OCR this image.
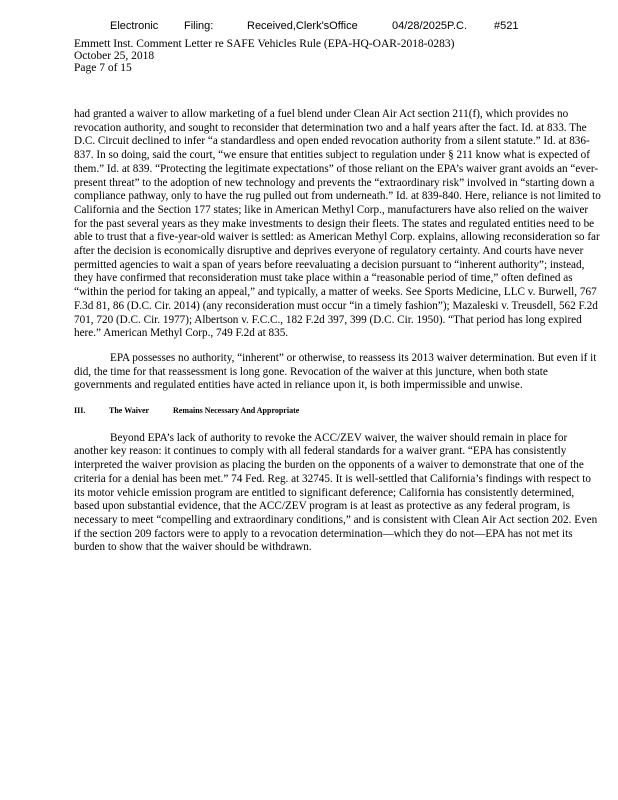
Electronic Filing:	Received,Clerk'sOffice	04/28/2025P.C. #521
Emmett Inst. Comment Letter re SAFE Vehicles Rule (EPA-HQ-OAR-2018-0283)
October 25, 2018
Page 7 of 15

had granted a waiver to allow marketing of a fuel blend under Clean Air Act section 211(f), which provides no revocation authority, and sought to reconsider that determination two and a half years after the fact. Id. at 833. The D.C. Circuit declined to infer “a standardless and open ended revocation authority from a silent statute.” Id. at 836-837. In so doing, said the court, “we ensure that entities subject to regulation under § 211 know what is expected of them.” Id. at 839. “Protecting the legitimate expectations” of those reliant on the EPA’s waiver grant avoids an “ever-present threat” to the adoption of new technology and prevents the “extraordinary risk” involved in “starting down a compliance pathway, only to have the rug pulled out from underneath.” Id. at 839-840. Here, reliance is not limited to California and the Section 177 states; like in American Methyl Corp., manufacturers have also relied on the waiver for the past several years as they make investments to design their fleets. The states and regulated entities need to be able to trust that a five-year-old waiver is settled: as American Methyl Corp. explains, allowing reconsideration so far after the decision is economically disruptive and deprives everyone of regulatory certainty. And courts have never permitted agencies to wait a span of years before reevaluating a decision pursuant to “inherent authority”; instead, they have confirmed that reconsideration must take place within a “reasonable period of time,” often defined as “within the period for taking an appeal,” and typically, a matter of weeks. See Sports Medicine, LLC v. Burwell, 767 F.3d 81, 86 (D.C. Cir. 2014) (any reconsideration must occur “in a timely fashion”); Mazaleski v. Treusdell, 562 F.2d 701, 720 (D.C. Cir. 1977); Albertson v. F.C.C., 182 F.2d 397, 399 (D.C. Cir. 1950). “That period has long expired here.” American Methyl Corp., 749 F.2d at 835.

EPA possesses no authority, “inherent” or otherwise, to reassess its 2013 waiver determination. But even if it did, the time for that reassessment is long gone. Revocation of the waiver at this juncture, when both state governments and regulated entities have acted in reliance upon it, is both impermissible and unwise.

III.	The Waiver	Remains Necessary And Appropriate

Beyond EPA’s lack of authority to revoke the ACC/ZEV waiver, the waiver should remain in place for another key reason: it continues to comply with all federal standards for a waiver grant. “EPA has consistently interpreted the waiver provision as placing the burden on the opponents of a waiver to demonstrate that one of the criteria for a denial has been met.” 74 Fed. Reg. at 32745. It is well-settled that California’s findings with respect to its motor vehicle emission program are entitled to significant deference; California has consistently determined, based upon substantial evidence, that the ACC/ZEV program is at least as protective as any federal program, is necessary to meet “compelling and extraordinary conditions,” and is consistent with Clean Air Act section 202. Even if the section 209 factors were to apply to a revocation determination—which they do not—EPA has not met its burden to show that the waiver should be withdrawn.
